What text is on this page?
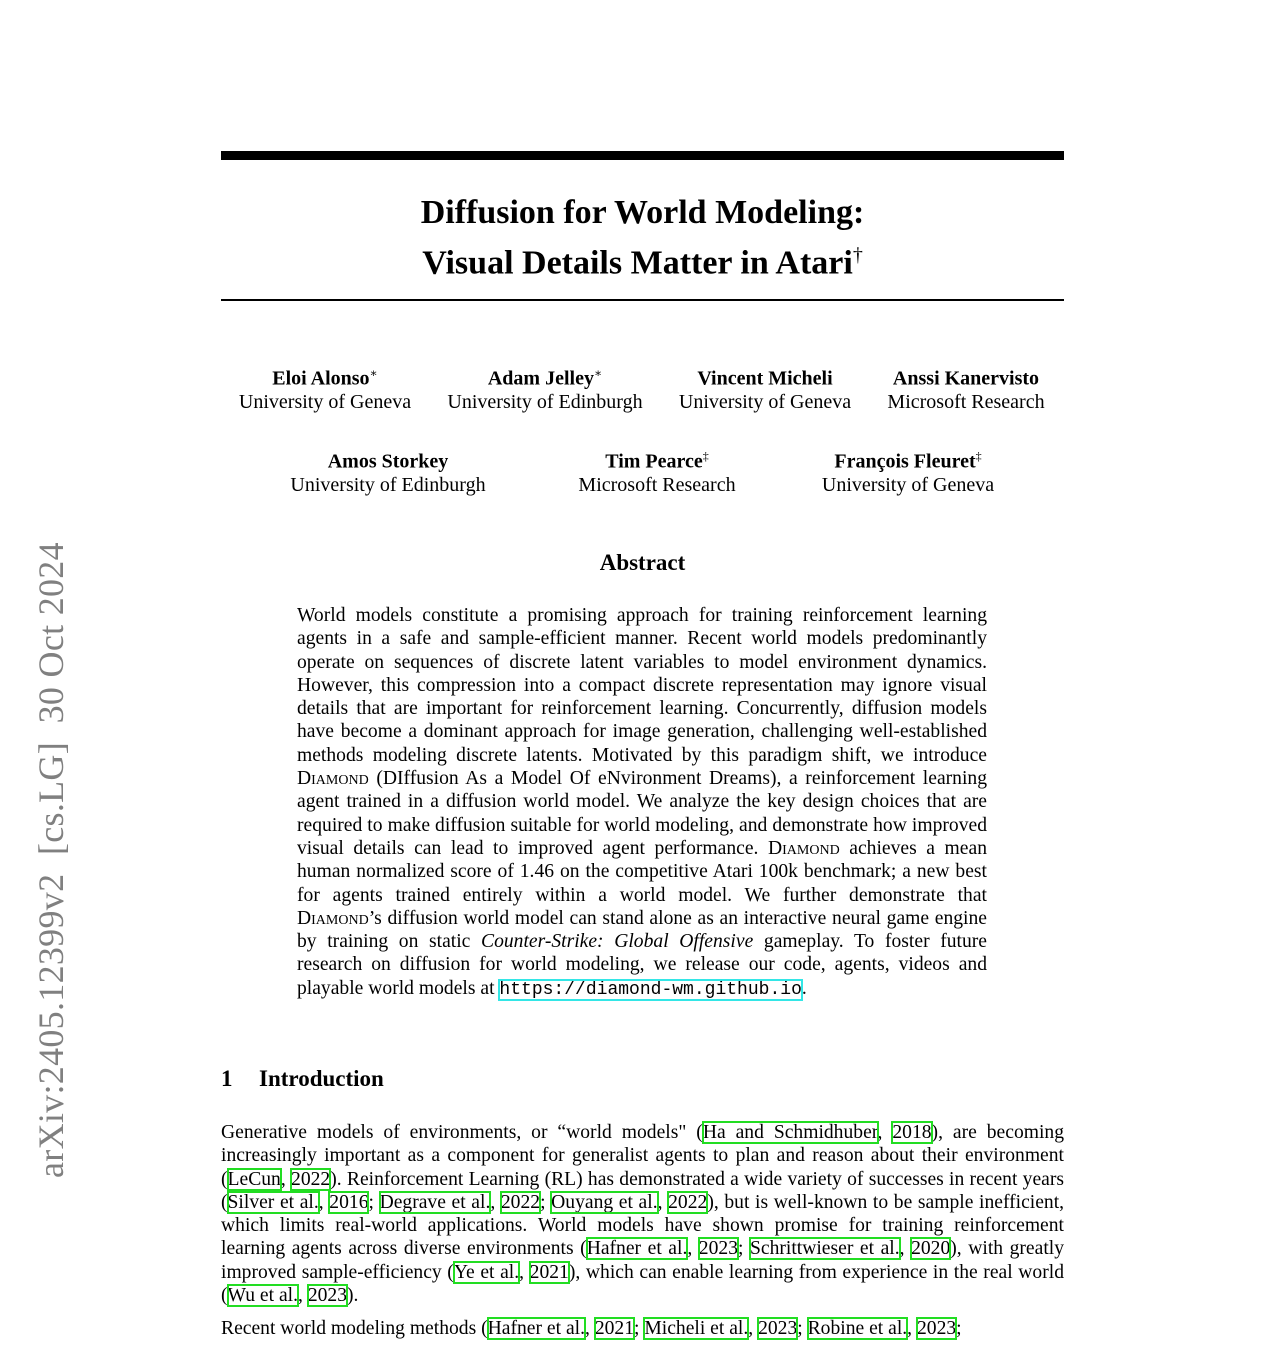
arXiv:2405.12399v2  [cs.LG]  30 Oct 2024
Diffusion for World Modeling:
Visual Details Matter in Atari†
Eloi Alonso∗
University of Geneva
Adam Jelley∗
University of Edinburgh
Vincent Micheli
University of Geneva
Anssi Kanervisto
Microsoft Research
Amos Storkey
University of Edinburgh
Tim Pearce‡
Microsoft Research
François Fleuret‡
University of Geneva
Abstract
World models constitute a promising approach for training reinforcement learning agents in a safe and sample-efficient manner. Recent world models predominantly operate on sequences of discrete latent variables to model environment dynamics. However, this compression into a compact discrete representation may ignore visual details that are important for reinforcement learning. Concurrently, diffusion models have become a dominant approach for image generation, challenging well-established methods modeling discrete latents. Motivated by this paradigm shift, we introduce Diamond (DIffusion As a Model Of eNvironment Dreams), a reinforcement learning agent trained in a diffusion world model. We analyze the key design choices that are required to make diffusion suitable for world modeling, and demonstrate how improved visual details can lead to improved agent performance. Diamond achieves a mean human normalized score of 1.46 on the competitive Atari 100k benchmark; a new best for agents trained entirely within a world model. We further demonstrate that Diamond’s diffusion world model can stand alone as an interactive neural game engine by training on static Counter-Strike: Global Offensive gameplay. To foster future research on diffusion for world modeling, we release our code, agents, videos and playable world models at https://diamond-wm.github.io.
1 Introduction

Generative models of environments, or “world models" (Ha and Schmidhuber, 2018), are becoming increasingly important as a component for generalist agents to plan and reason about their environment (LeCun, 2022). Reinforcement Learning (RL) has demonstrated a wide variety of successes in recent years (Silver et al., 2016; Degrave et al., 2022; Ouyang et al., 2022), but is well-known to be sample inefficient, which limits real-world applications. World models have shown promise for training reinforcement learning agents across diverse environments (Hafner et al., 2023; Schrittwieser et al., 2020), with greatly improved sample-efficiency (Ye et al., 2021), which can enable learning from experience in the real world (Wu et al., 2023).

Recent world modeling methods (Hafner et al., 2021; Micheli et al., 2023; Robine et al., 2023;
